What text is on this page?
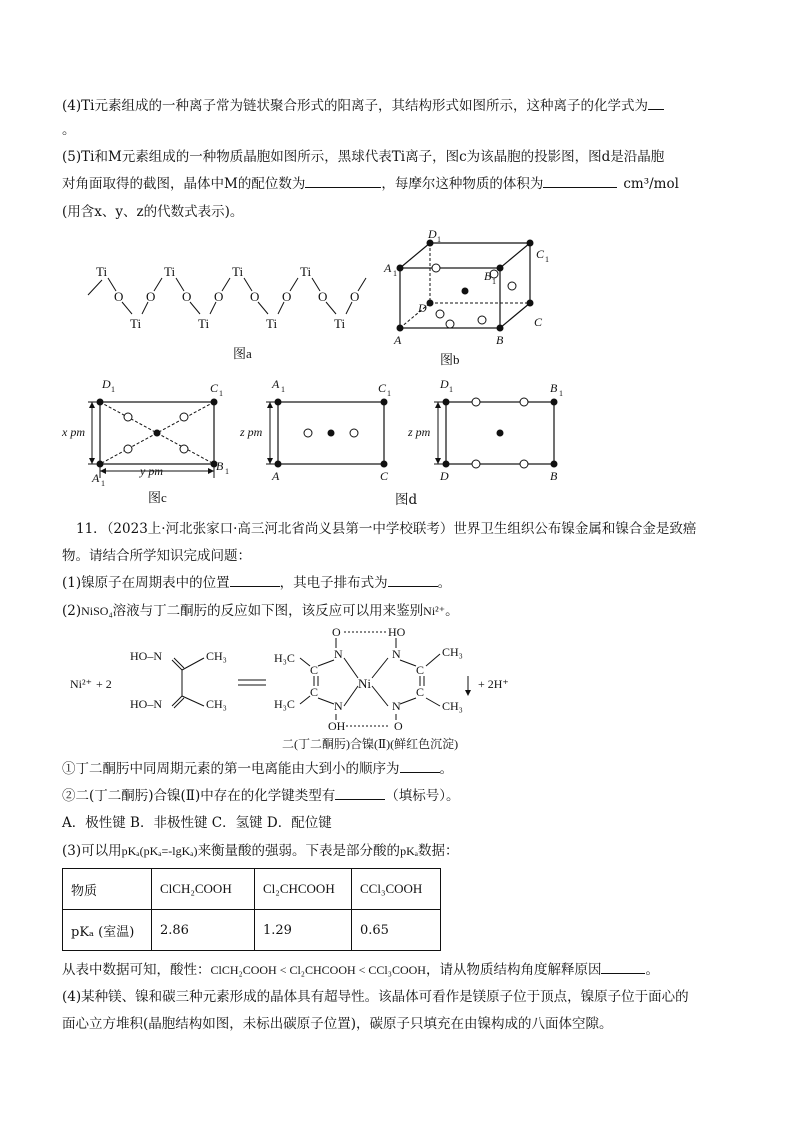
(4)Ti元素组成的一种离子常为链状聚合形式的阳离子，其结构形式如图所示，这种离子的化学式为
。
(5)Ti和M元素组成的一种物质晶胞如图所示，黑球代表Ti离子，图c为该晶胞的投影图，图d是沿晶胞
对角面取得的截图，晶体中M的配位数为	，每摩尔这种物质的体积为	cm³/mol
(用含x、y、z的代数式表示)。
Ti	Ti	Ti	Ti
O O O O O O O O
Ti	Ti	Ti	Ti
图a
A 1
D 1
C 1
B 1
D
C
A	B
图b
D 1	C 1
B 1
A 1
x pm
y pm
图c
A 1	C 1
A	C
z pm
D 1	B 1
D	B
z pm
图d
11．（2023上·河北张家口·高三河北省尚义县第一中学校联考）世界卫生组织公布镍金属和镍合金是致癌
物。请结合所学知识完成问题：
(1)镍原子在周期表中的位置	，其电子排布式为	。
(2)NiSO₄溶液与丁二酮肟的反应如下图，该反应可以用来鉴别Ni²⁺。
Ni²⁺ + 2
HO–N
HO–N
CH₃
CH₃
O	HO
H₃C
H₃C
C
C
N
N
Ni
N
N
C
C
CH₃
CH₃
OH	O
+ 2H⁺
二(丁二酮肟)合镍(Ⅱ)(鲜红色沉淀)
①丁二酮肟中同周期元素的第一电离能由大到小的顺序为	。
②二(丁二酮肟)合镍(Ⅱ)中存在的化学键类型有	（填标号）。
A．极性键 B．非极性键 C．氢键 D．配位键
(3)可以用pKₐ(pKₐ=-lgKₐ)来衡量酸的强弱。下表是部分酸的pKₐ数据：
物质	ClCH₂COOH	Cl₂CHCOOH	CCl₃COOH
pKₐ (室温)	2.86	1.29	0.65
从表中数据可知，酸性：ClCH₂COOH < Cl₂CHCOOH < CCl₃COOH，请从物质结构角度解释原因	。
(4)某种镁、镍和碳三种元素形成的晶体具有超导性。该晶体可看作是镁原子位于顶点，镍原子位于面心的
面心立方堆积(晶胞结构如图，未标出碳原子位置)，碳原子只填充在由镍构成的八面体空隙。
